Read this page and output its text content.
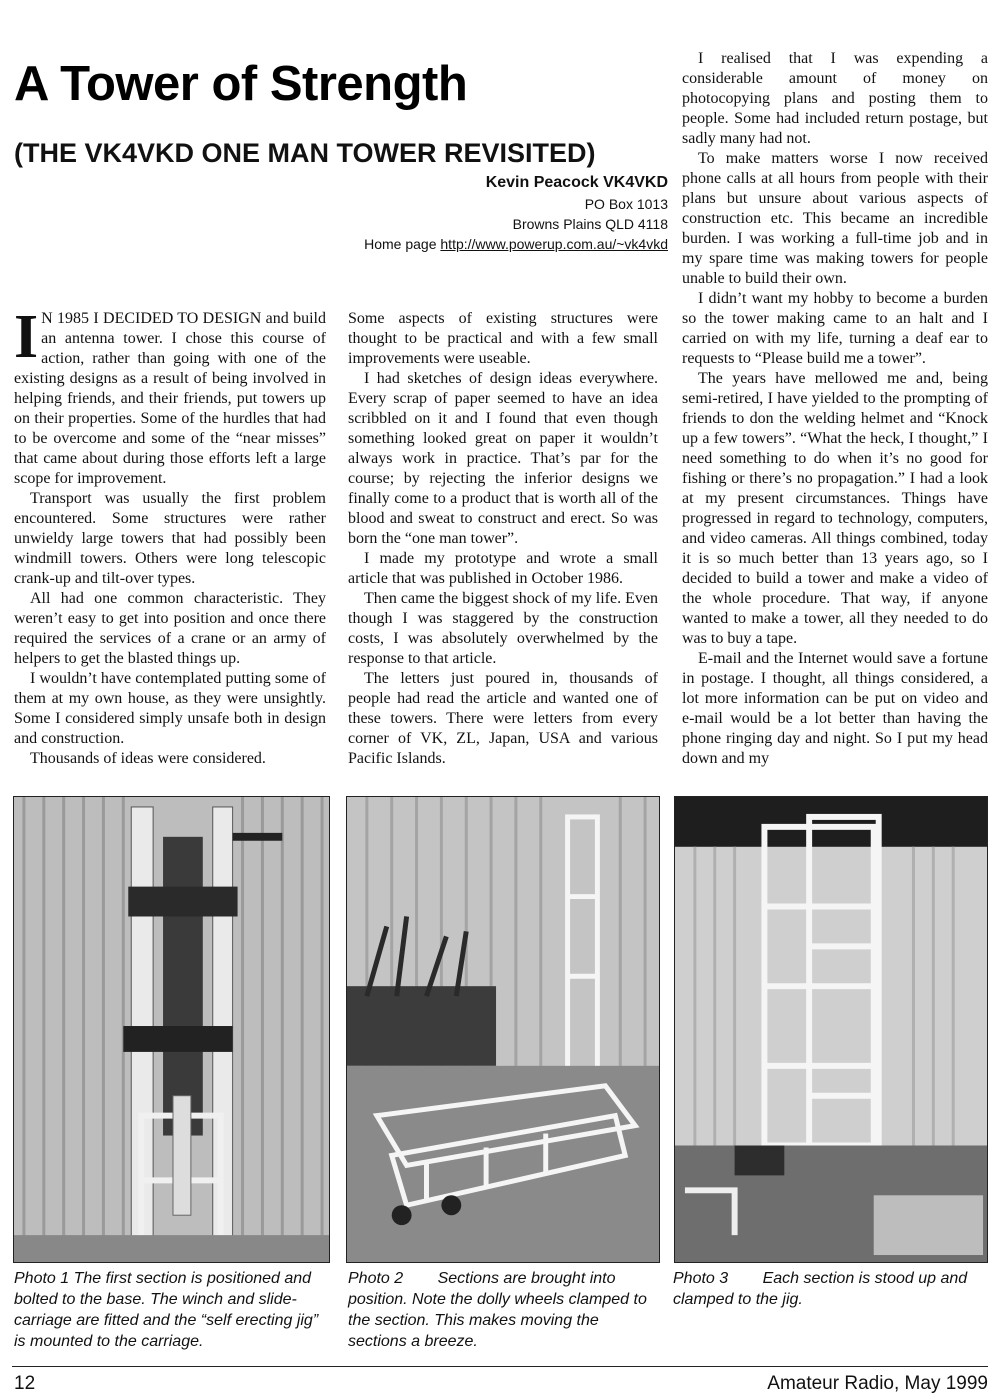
A Tower of Strength
(THE VK4VKD ONE MAN TOWER REVISITED)
Kevin Peacock VK4VKD
PO Box 1013
Browns Plains QLD 4118
Home page http://www.powerup.com.au/~vk4vkd

I N 1985 I DECIDED TO DESIGN and build an antenna tower. I chose this course of action, rather than going with one of the existing designs as a result of being involved in helping friends, and their friends, put towers up on their properties. Some of the hurdles that had to be overcome and some of the “near misses” that came about during those efforts left a large scope for improvement.

Transport was usually the first problem encountered. Some structures were rather unwieldy large towers that had possibly been windmill towers. Others were long telescopic crank-up and tilt-over types.

All had one common characteristic. They weren’t easy to get into position and once there required the services of a crane or an army of helpers to get the blasted things up.

I wouldn’t have contemplated putting some of them at my own house, as they were unsightly. Some I considered simply unsafe both in design and construction.

Thousands of ideas were considered.

Some aspects of existing structures were thought to be practical and with a few small improvements were useable.

I had sketches of design ideas everywhere. Every scrap of paper seemed to have an idea scribbled on it and I found that even though something looked great on paper it wouldn’t always work in practice. That’s par for the course; by rejecting the inferior designs we finally come to a product that is worth all of the blood and sweat to construct and erect. So was born the “one man tower”.

I made my prototype and wrote a small article that was published in October 1986.

Then came the biggest shock of my life. Even though I was staggered by the construction costs, I was absolutely overwhelmed by the response to that article.

The letters just poured in, thousands of people had read the article and wanted one of these towers. There were letters from every corner of VK, ZL, Japan, USA and various Pacific Islands.

I realised that I was expending a considerable amount of money on photocopying plans and posting them to people. Some had included return postage, but sadly many had not.

To make matters worse I now received phone calls at all hours from people with their plans but unsure about various aspects of construction etc. This became an incredible burden. I was working a full-time job and in my spare time was making towers for people unable to build their own.

I didn’t want my hobby to become a burden so the tower making came to an halt and I carried on with my life, turning a deaf ear to requests to “Please build me a tower”.

The years have mellowed me and, being semi-retired, I have yielded to the prompting of friends to don the welding helmet and “Knock up a few towers”. “What the heck, I thought,” I need something to do when it’s no good for fishing or there’s no propagation.” I had a look at my present circumstances. Things have progressed in regard to technology, computers, and video cameras. All things combined, today it is so much better than 13 years ago, so I decided to build a tower and make a video of the whole procedure. That way, if anyone wanted to make a tower, all they needed to do was to buy a tape.

E-mail and the Internet would save a fortune in postage. I thought, all things considered, a lot more information can be put on video and e-mail would be a lot better than having the phone ringing day and night. So I put my head down and my

Photo 1 The first section is positioned and bolted to the base. The winch and slide-carriage are fitted and the “self erecting jig” is mounted to the carriage.
Photo 2 Sections are brought into position. Note the dolly wheels clamped to the section. This makes moving the sections a breeze.
Photo 3 Each section is stood up and clamped to the jig.
12	Amateur Radio, May 1999
